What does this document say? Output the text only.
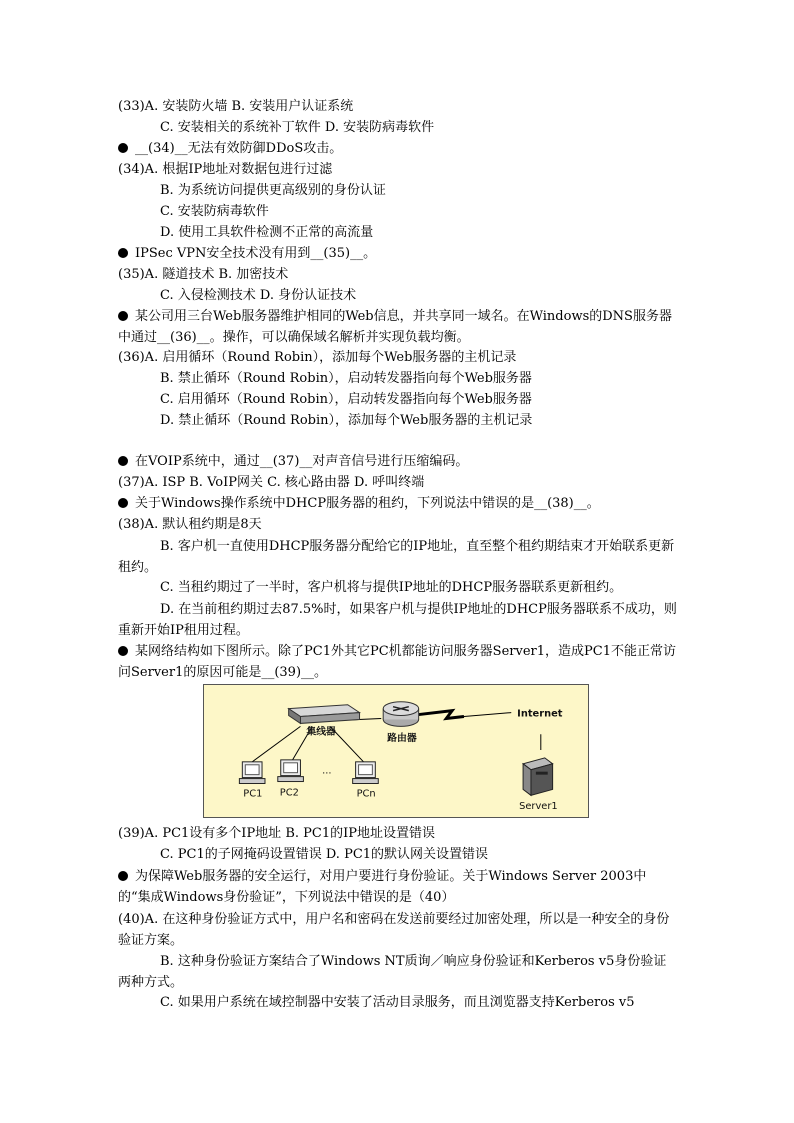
(33)A. 安装防火墙 B. 安装用户认证系统
C. 安装相关的系统补丁软件 D. 安装防病毒软件
__(34)__无法有效防御DDoS攻击。
(34)A. 根据IP地址对数据包进行过滤
B. 为系统访问提供更高级别的身份认证
C. 安装防病毒软件
D. 使用工具软件检测不正常的高流量
IPSec VPN安全技术没有用到__(35)__。
(35)A. 隧道技术 B. 加密技术
C. 入侵检测技术 D. 身份认证技术
某公司用三台Web服务器维护相同的Web信息，并共享同一域名。在Windows的DNS服务器中通过__(36)__。操作，可以确保域名解析并实现负载均衡。
(36)A. 启用循环（Round Robin），添加每个Web服务器的主机记录
B. 禁止循环（Round Robin），启动转发器指向每个Web服务器
C. 启用循环（Round Robin），启动转发器指向每个Web服务器
D. 禁止循环（Round Robin），添加每个Web服务器的主机记录
在VOIP系统中，通过__(37)__对声音信号进行压缩编码。
(37)A. ISP B. VoIP网关 C. 核心路由器 D. 呼叫终端
关于Windows操作系统中DHCP服务器的租约，下列说法中错误的是__(38)__。
(38)A. 默认租约期是8天
B. 客户机一直使用DHCP服务器分配给它的IP地址，直至整个租约期结束才开始联系更新租约。
C. 当租约期过了一半时，客户机将与提供IP地址的DHCP服务器联系更新租约。
D. 在当前租约期过去87.5%时，如果客户机与提供IP地址的DHCP服务器联系不成功，则重新开始IP租用过程。
某网络结构如下图所示。除了PC1外其它PC机都能访问服务器Server1，造成PC1不能正常访问Server1的原因可能是__(39)__。
集线器
路由器
Internet
PC1 PC2
...
PCn
Server1
(39)A. PC1设有多个IP地址 B. PC1的IP地址设置错误
C. PC1的子网掩码设置错误 D. PC1的默认网关设置错误
为保障Web服务器的安全运行，对用户要进行身份验证。关于Windows Server 2003中的“集成Windows身份验证”，下列说法中错误的是（40）
(40)A. 在这种身份验证方式中，用户名和密码在发送前要经过加密处理，所以是一种安全的身份验证方案。
B. 这种身份验证方案结合了Windows NT质询／响应身份验证和Kerberos v5身份验证两种方式。
C. 如果用户系统在域控制器中安装了活动目录服务，而且浏览器支持Kerberos v5
